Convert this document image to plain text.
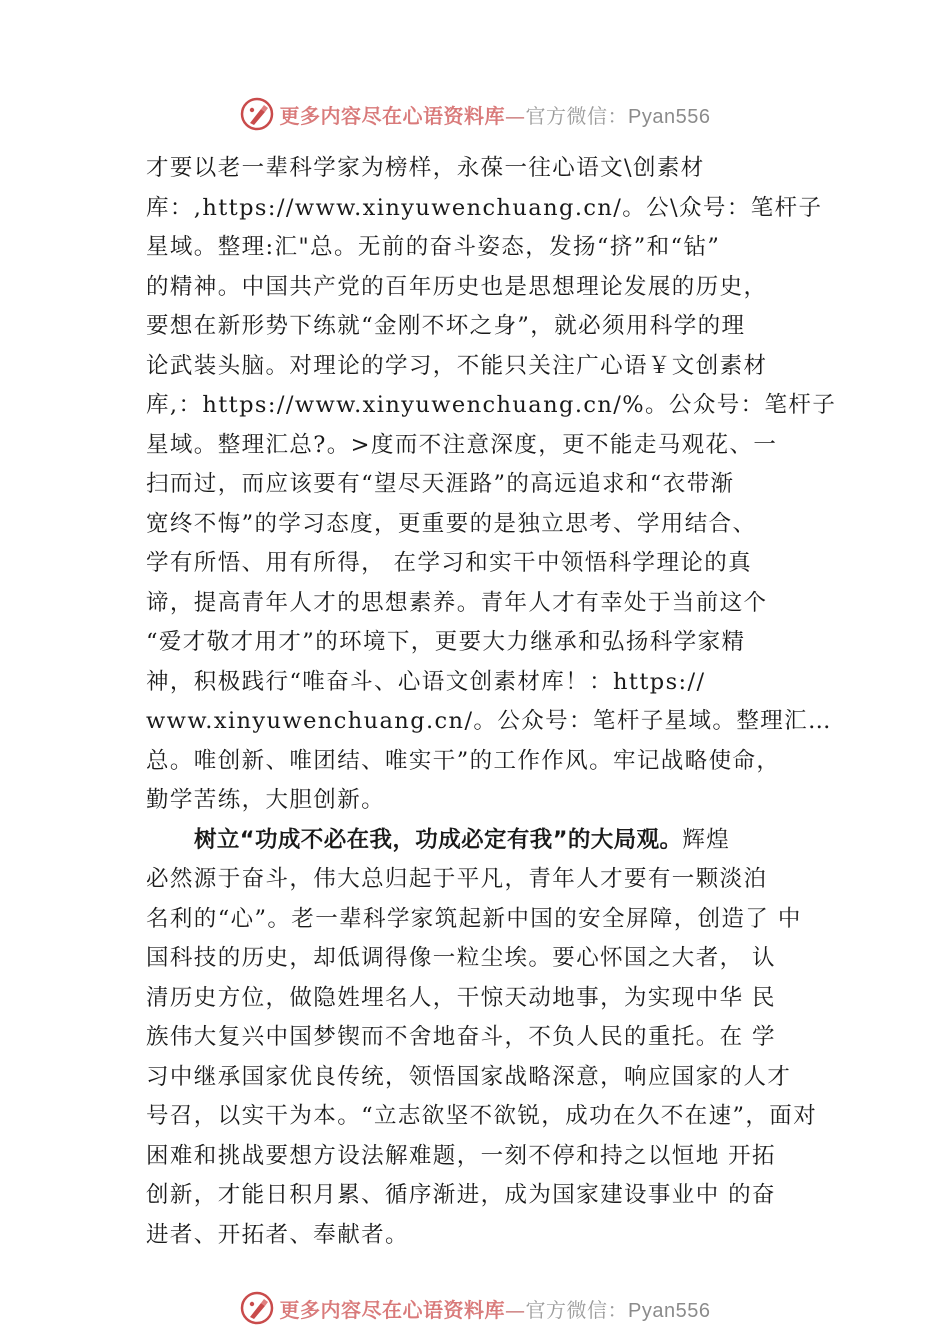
更多内容尽在心语资料库—官方微信：Pyan556
才要以老一辈科学家为榜样，永葆一往心语文\创素材
库：,https://www.xinyuwenchuang.cn/。公\众号：笔杆子
星域。整理:汇"总。无前的奋斗姿态，发扬“挤”和“钻”
的精神。中国共产党的百年历史也是思想理论发展的历史，
要想在新形势下练就“金刚不坏之身”，就必须用科学的理
论武装头脑。对理论的学习，不能只关注广心语￥文创素材
库,：https://www.xinyuwenchuang.cn/%。公众号：笔杆子
星域。整理汇总?。>度而不注意深度，更不能走马观花、一
扫而过，而应该要有“望尽天涯路”的高远追求和“衣带渐
宽终不悔”的学习态度，更重要的是独立思考、学用结合、
学有所悟、用有所得， 在学习和实干中领悟科学理论的真
谛，提高青年人才的思想素养。青年人才有幸处于当前这个
“爱才敬才用才”的环境下，更要大力继承和弘扬科学家精
神，积极践行“唯奋斗、心语文创素材库！：https://
www.xinyuwenchuang.cn/。公众号：笔杆子星域。整理汇…
总。唯创新、唯团结、唯实干”的工作作风。牢记战略使命，
勤学苦练，大胆创新。
树立“功成不必在我，功成必定有我”的大局观。辉煌
必然源于奋斗，伟大总归起于平凡，青年人才要有一颗淡泊
名利的“心”。老一辈科学家筑起新中国的安全屏障，创造了 中
国科技的历史，却低调得像一粒尘埃。要心怀国之大者， 认
清历史方位，做隐姓埋名人，干惊天动地事，为实现中华 民
族伟大复兴中国梦锲而不舍地奋斗，不负人民的重托。在 学
习中继承国家优良传统，领悟国家战略深意，响应国家的人才
号召，以实干为本。“立志欲坚不欲锐，成功在久不在速”，面对
困难和挑战要想方设法解难题，一刻不停和持之以恒地 开拓
创新，才能日积月累、循序渐进，成为国家建设事业中 的奋
进者、开拓者、奉献者。
更多内容尽在心语资料库—官方微信：Pyan556
